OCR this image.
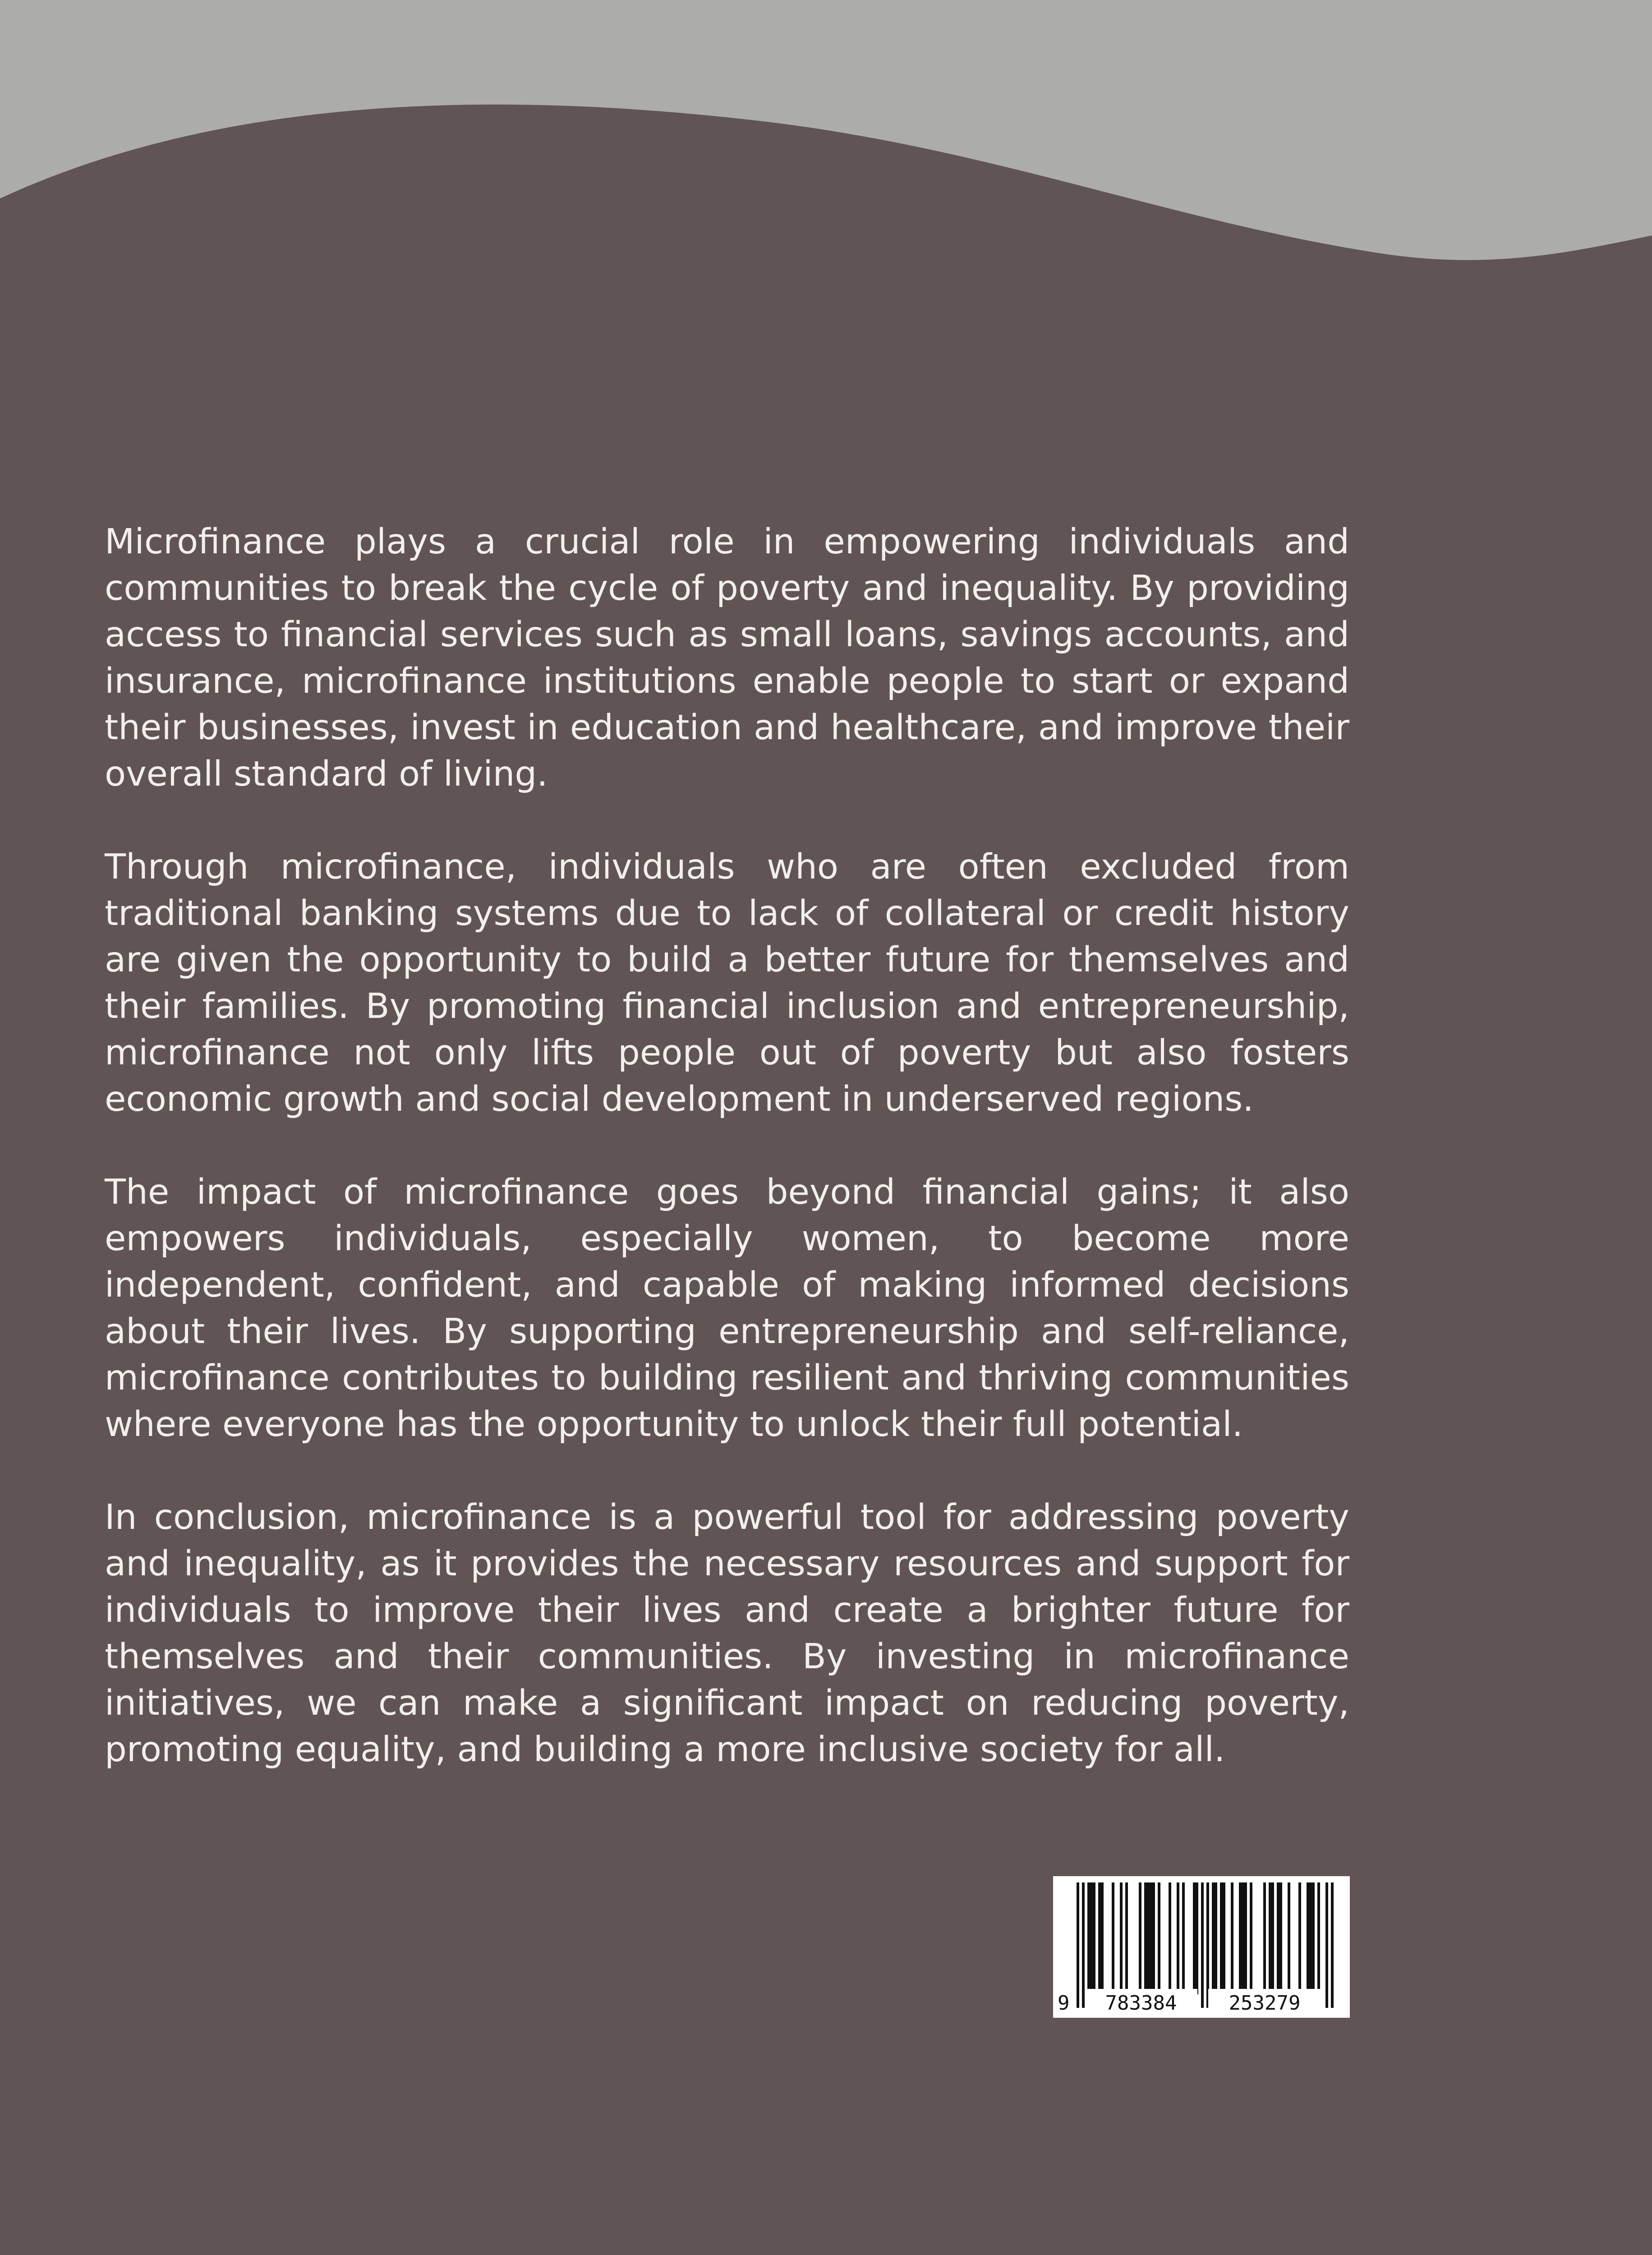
Microfinance plays a crucial role in empowering individuals and communities to break the cycle of poverty and inequality. By providing access to financial services such as small loans, savings accounts, and insurance, microfinance institutions enable people to start or expand their businesses, invest in education and healthcare, and improve their overall standard of living.

Through microfinance, individuals who are often excluded from traditional banking systems due to lack of collateral or credit history are given the opportunity to build a better future for themselves and their families. By promoting financial inclusion and entrepreneurship, microfinance not only lifts people out of poverty but also fosters economic growth and social development in underserved regions.

The impact of microfinance goes beyond financial gains; it also empowers individuals, especially women, to become more independent, confident, and capable of making informed decisions about their lives. By supporting entrepreneurship and self-reliance, microfinance contributes to building resilient and thriving communities where everyone has the opportunity to unlock their full potential.

In conclusion, microfinance is a powerful tool for addressing poverty and inequality, as it provides the necessary resources and support for individuals to improve their lives and create a brighter future for themselves and their communities. By investing in microfinance initiatives, we can make a significant impact on reducing poverty, promoting equality, and building a more inclusive society for all.

9	783384	253279
